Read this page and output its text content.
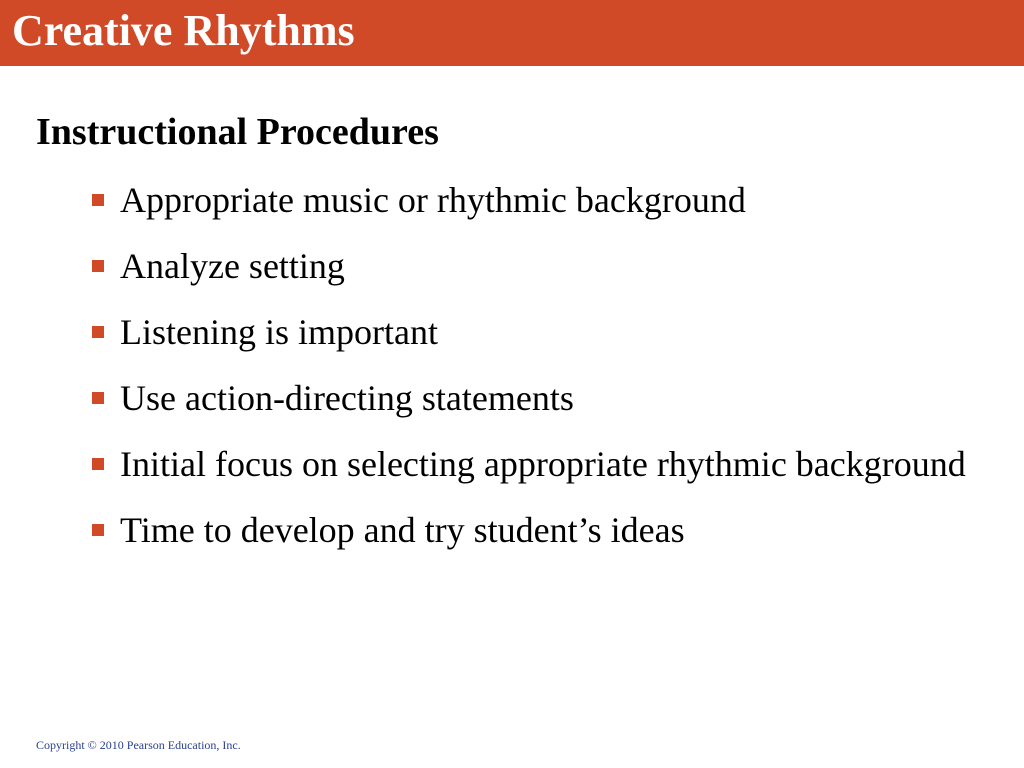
Creative Rhythms
Instructional Procedures
Appropriate music or rhythmic background
Analyze setting
Listening is important
Use action-directing statements
Initial focus on selecting appropriate rhythmic background
Time to develop and try student’s ideas
Copyright © 2010 Pearson Education, Inc.
